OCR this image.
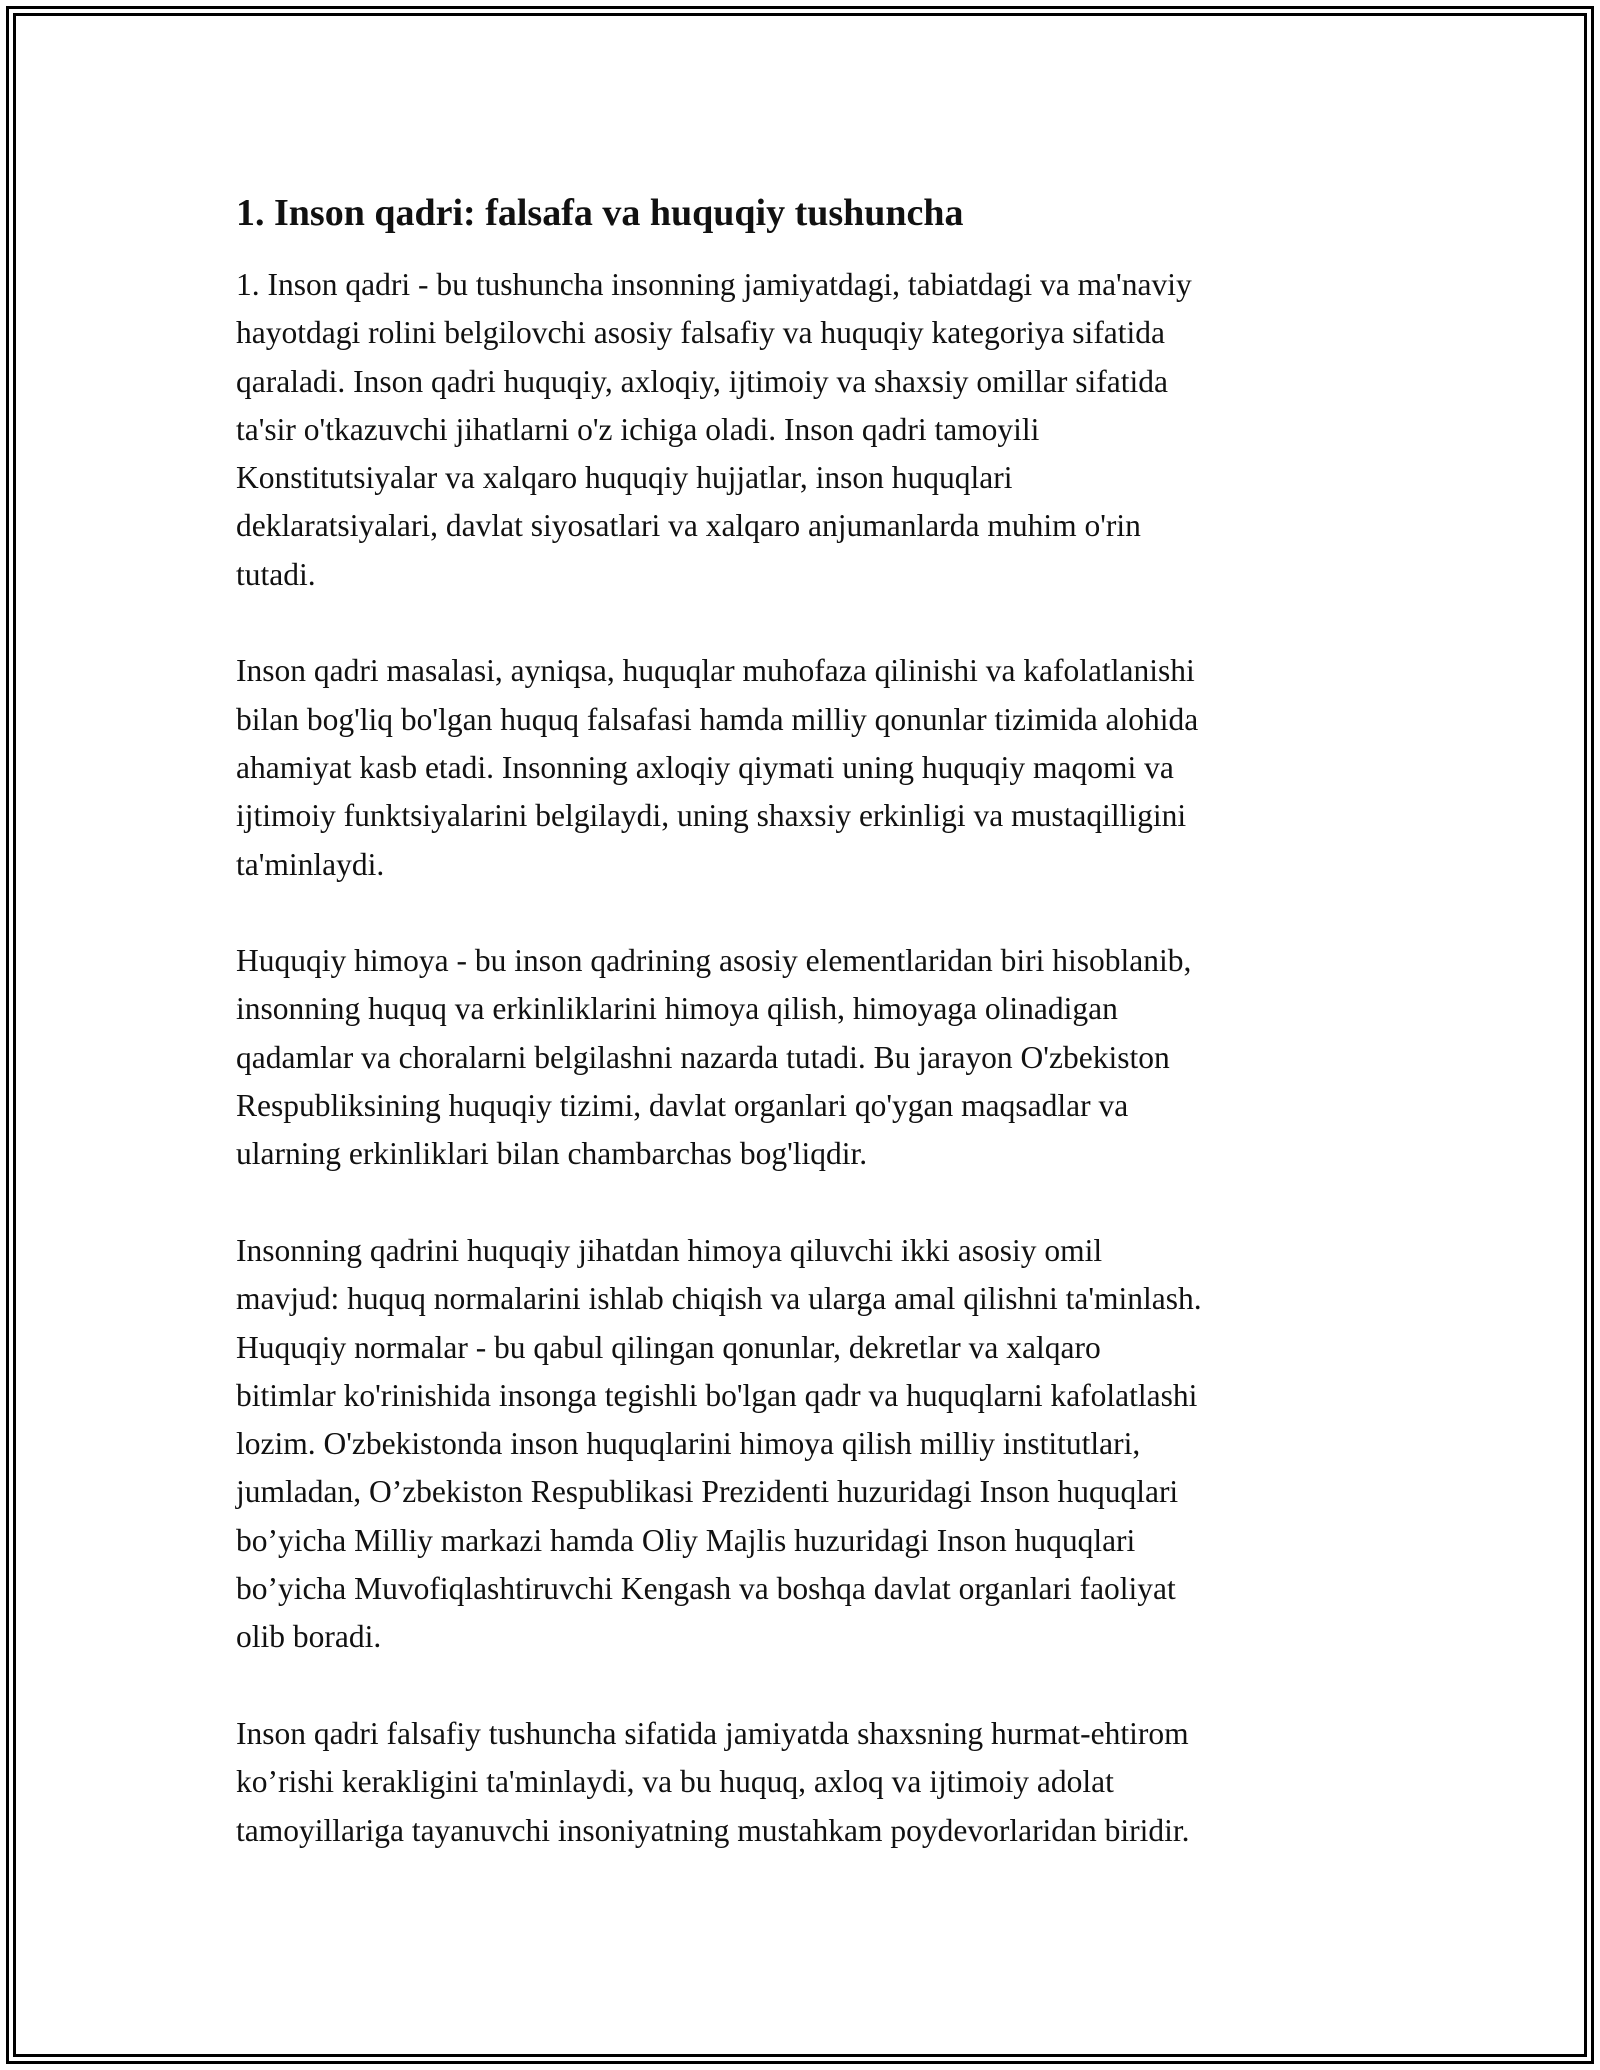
1. Inson qadri: falsafa va huquqiy tushuncha
1. Inson qadri - bu tushuncha insonning jamiyatdagi, tabiatdagi va ma'naviy
hayotdagi rolini belgilovchi asosiy falsafiy va huquqiy kategoriya sifatida
qaraladi. Inson qadri huquqiy, axloqiy, ijtimoiy va shaxsiy omillar sifatida
ta'sir o'tkazuvchi jihatlarni o'z ichiga oladi. Inson qadri tamoyili
Konstitutsiyalar va xalqaro huquqiy hujjatlar, inson huquqlari
deklaratsiyalari, davlat siyosatlari va xalqaro anjumanlarda muhim o'rin
tutadi.
Inson qadri masalasi, ayniqsa, huquqlar muhofaza qilinishi va kafolatlanishi
bilan bog'liq bo'lgan huquq falsafasi hamda milliy qonunlar tizimida alohida
ahamiyat kasb etadi. Insonning axloqiy qiymati uning huquqiy maqomi va
ijtimoiy funktsiyalarini belgilaydi, uning shaxsiy erkinligi va mustaqilligini
ta'minlaydi.
Huquqiy himoya - bu inson qadrining asosiy elementlaridan biri hisoblanib,
insonning huquq va erkinliklarini himoya qilish, himoyaga olinadigan
qadamlar va choralarni belgilashni nazarda tutadi. Bu jarayon O'zbekiston
Respubliksining huquqiy tizimi, davlat organlari qo'ygan maqsadlar va
ularning erkinliklari bilan chambarchas bog'liqdir.
Insonning qadrini huquqiy jihatdan himoya qiluvchi ikki asosiy omil
mavjud: huquq normalarini ishlab chiqish va ularga amal qilishni ta'minlash.
Huquqiy normalar - bu qabul qilingan qonunlar, dekretlar va xalqaro
bitimlar ko'rinishida insonga tegishli bo'lgan qadr va huquqlarni kafolatlashi
lozim. O'zbekistonda inson huquqlarini himoya qilish milliy institutlari,
jumladan, O’zbekiston Respublikasi Prezidenti huzuridagi Inson huquqlari
bo’yicha Milliy markazi hamda Oliy Majlis huzuridagi Inson huquqlari
bo’yicha Muvofiqlashtiruvchi Kengash va boshqa davlat organlari faoliyat
olib boradi.
Inson qadri falsafiy tushuncha sifatida jamiyatda shaxsning hurmat-ehtirom
ko’rishi kerakligini ta'minlaydi, va bu huquq, axloq va ijtimoiy adolat
tamoyillariga tayanuvchi insoniyatning mustahkam poydevorlaridan biridir.
